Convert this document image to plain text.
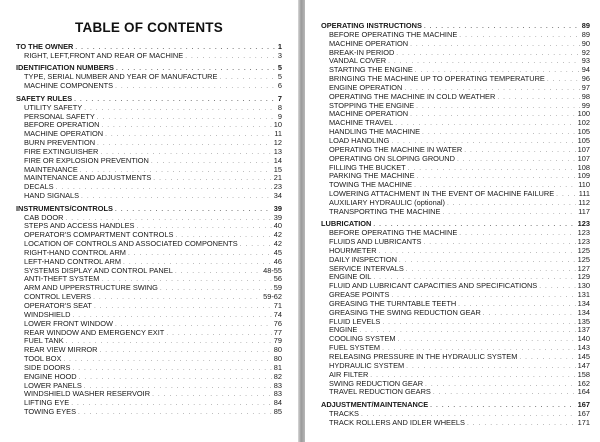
TABLE OF CONTENTS
TO THE OWNER . . .	1
RIGHT, LEFT,FRONT AND REAR OF MACHINE . . .	3
IDENTIFICATION NUMBERS . . .	5
TYPE, SERIAL NUMBER AND YEAR OF MANUFACTURE . . .	5
MACHINE COMPONENTS . . .	6
SAFETY RULES . . .	7
UTILITY SAFETY . . .	8
PERSONAL SAFETY . . .	9
BEFORE OPERATION . . .	10
MACHINE OPERATION . . .	11
BURN PREVENTION . . .	12
FIRE EXTINGUISHER . . .	13
FIRE OR EXPLOSION PREVENTION . . .	14
MAINTENANCE . . .	15
MAINTENANCE AND ADJUSTMENTS . . .	21
DECALS . . .	23
HAND SIGNALS . . .	34
INSTRUMENTS/CONTROLS . . .	39
CAB DOOR . . .	39
STEPS AND ACCESS HANDLES . . .	40
OPERATOR'S COMPARTMENT CONTROLS . . .	42
LOCATION OF CONTROLS AND ASSOCIATED COMPONENTS . . .	42
RIGHT-HAND CONTROL ARM . . .	45
LEFT-HAND CONTROL ARM . . .	46
SYSTEMS DISPLAY AND CONTROL PANEL . . .	48-55
ANTI-THEFT SYSTEM . . .	56
ARM AND UPPERSTRUCTURE SWING . . .	59
CONTROL LEVERS . . .	59-62
OPERATOR'S SEAT . . .	71
WINDSHIELD . . .	74
LOWER FRONT WINDOW . . .	76
REAR WINDOW AND EMERGENCY EXIT . . .	77
FUEL TANK . . .	79
REAR VIEW MIRROR . . .	80
TOOL BOX . . .	80
SIDE DOORS . . .	81
ENGINE HOOD . . .	82
LOWER PANELS . . .	83
WINDSHIELD WASHER RESERVOIR . . .	83
LIFTING EYE . . .	84
TOWING EYES . . .	85
OPERATING INSTRUCTIONS . . .	89
BEFORE OPERATING THE MACHINE . . .	89
MACHINE OPERATION . . .	90
BREAK-IN PERIOD . . .	92
VANDAL COVER . . .	93
STARTING THE ENGINE . . .	94
BRINGING THE MACHINE UP TO OPERATING TEMPERATURE . . .	96
ENGINE OPERATION . . .	97
OPERATING THE MACHINE IN COLD WEATHER . . .	98
STOPPING THE ENGINE . . .	99
MACHINE OPERATION . . .	100
MACHINE TRAVEL . . .	102
HANDLING THE MACHINE . . .	105
LOAD HANDLING . . .	105
OPERATING THE MACHINE IN WATER . . .	107
OPERATING ON SLOPING GROUND . . .	107
FILLING THE BUCKET . . .	108
PARKING THE MACHINE . . .	109
TOWING THE MACHINE . . .	110
LOWERING ATTACHMENT IN THE EVENT OF MACHINE FAILURE . . .	111
AUXILIARY HYDRAULIC (optional) . . .	112
TRANSPORTING THE MACHINE . . .	117
LUBRICATION . . .	123
BEFORE OPERATING THE MACHINE . . .	123
FLUIDS AND LUBRICANTS . . .	123
HOURMETER . . .	125
DAILY INSPECTION . . .	125
SERVICE INTERVALS . . .	127
ENGINE OIL . . .	129
FLUID AND LUBRICANT CAPACITIES AND SPECIFICATIONS . . .	130
GREASE POINTS . . .	131
GREASING THE TURNTABLE TEETH . . .	134
GREASING THE SWING REDUCTION GEAR . . .	134
FLUID LEVELS . . .	135
ENGINE . . .	137
COOLING SYSTEM . . .	140
FUEL SYSTEM . . .	143
RELEASING PRESSURE IN THE HYDRAULIC SYSTEM . . .	145
HYDRAULIC SYSTEM . . .	147
AIR FILTER . . .	158
SWING REDUCTION GEAR . . .	162
TRAVEL REDUCTION GEARS . . .	164
ADJUSTMENT/MAINTENANCE . . .	167
TRACKS . . .	167
TRACK ROLLERS AND IDLER WHEELS . . .	171
